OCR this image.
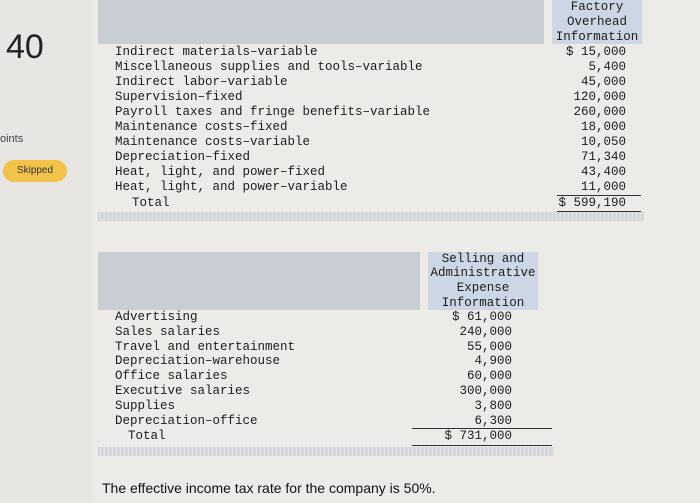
40
oints
Skipped
Factory
Overhead
Information
Indirect materials–variable	$ 15,000
Miscellaneous supplies and tools–variable	5,400
Indirect labor–variable	45,000
Supervision–fixed	120,000
Payroll taxes and fringe benefits–variable	260,000
Maintenance costs–fixed	18,000
Maintenance costs–variable	10,050
Depreciation–fixed	71,340
Heat, light, and power–fixed	43,400
Heat, light, and power–variable	11,000
Total	$ 599,190
Selling and
Administrative
Expense
Information
Advertising	$ 61,000
Sales salaries	240,000
Travel and entertainment	55,000
Depreciation–warehouse	4,900
Office salaries	60,000
Executive salaries	300,000
Supplies	3,800
Depreciation–office	6,300
Total	$ 731,000
The effective income tax rate for the company is 50%.
